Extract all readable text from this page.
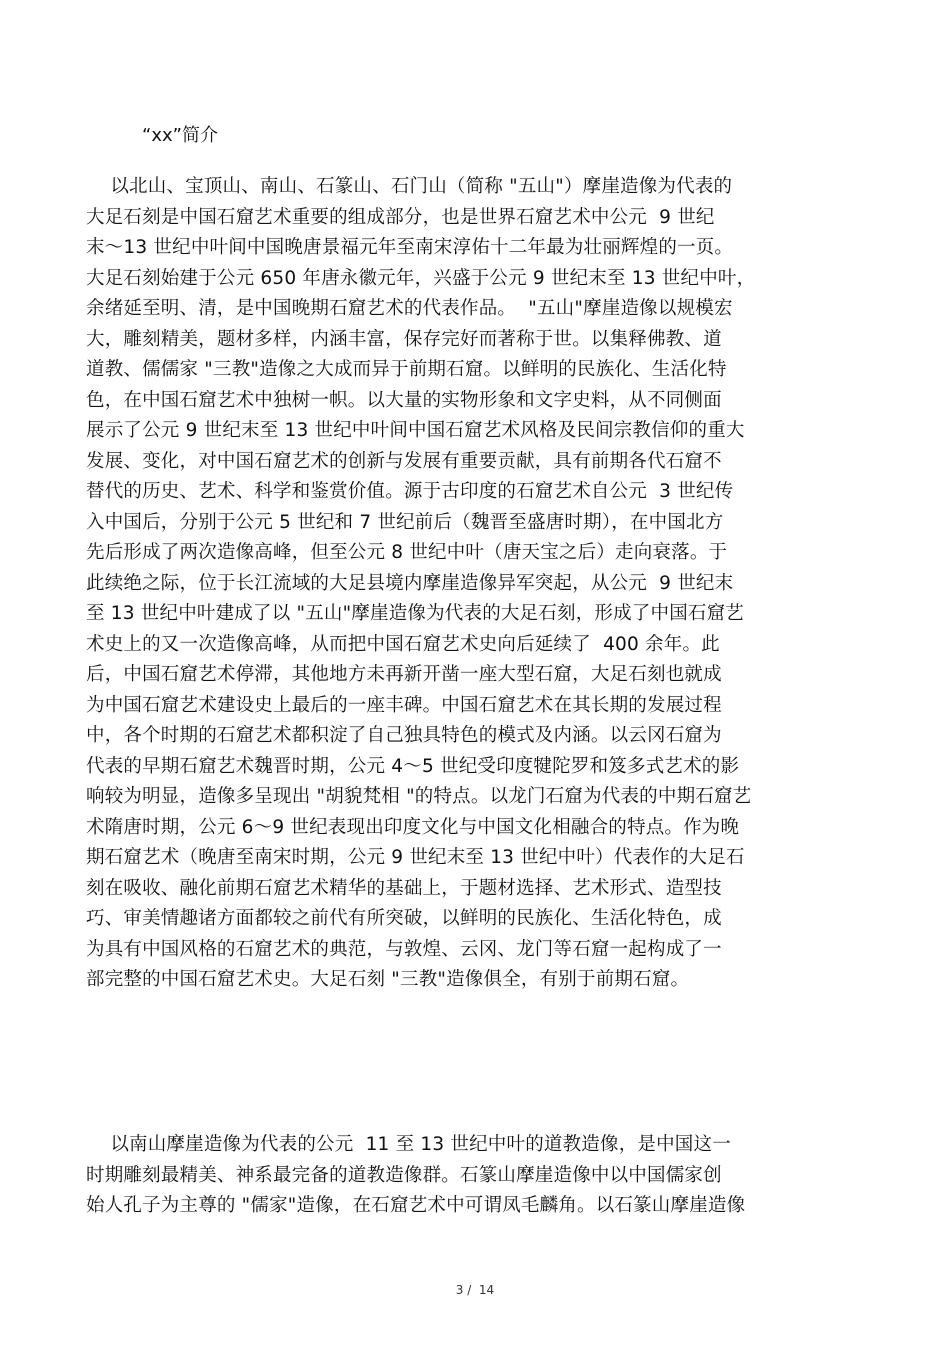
“xx”简介
以北山、宝顶山、南山、石篆山、石门山（简称 "五山"）摩崖造像为代表的
大足石刻是中国石窟艺术重要的组成部分，也是世界石窟艺术中公元  9 世纪
末～13 世纪中叶间中国晚唐景福元年至南宋淳佑十二年最为壮丽辉煌的一页。
大足石刻始建于公元 650 年唐永徽元年，兴盛于公元 9 世纪末至 13 世纪中叶，
余绪延至明、清，是中国晚期石窟艺术的代表作品。  "五山"摩崖造像以规模宏
大，雕刻精美，题材多样，内涵丰富，保存完好而著称于世。以集释佛教、道
道教、儒儒家 "三教"造像之大成而异于前期石窟。以鲜明的民族化、生活化特
色，在中国石窟艺术中独树一帜。以大量的实物形象和文字史料，从不同侧面
展示了公元 9 世纪末至 13 世纪中叶间中国石窟艺术风格及民间宗教信仰的重大
发展、变化，对中国石窟艺术的创新与发展有重要贡献，具有前期各代石窟不
替代的历史、艺术、科学和鉴赏价值。源于古印度的石窟艺术自公元  3 世纪传
入中国后，分别于公元 5 世纪和 7 世纪前后（魏晋至盛唐时期），在中国北方
先后形成了两次造像高峰，但至公元 8 世纪中叶（唐天宝之后）走向衰落。于
此续绝之际，位于长江流域的大足县境内摩崖造像异军突起，从公元  9 世纪末
至 13 世纪中叶建成了以 "五山"摩崖造像为代表的大足石刻，形成了中国石窟艺
术史上的又一次造像高峰，从而把中国石窟艺术史向后延续了  400 余年。此
后，中国石窟艺术停滞，其他地方未再新开凿一座大型石窟，大足石刻也就成
为中国石窟艺术建设史上最后的一座丰碑。中国石窟艺术在其长期的发展过程
中，各个时期的石窟艺术都积淀了自己独具特色的模式及内涵。以云冈石窟为
代表的早期石窟艺术魏晋时期，公元 4～5 世纪受印度犍陀罗和笈多式艺术的影
响较为明显，造像多呈现出 "胡貌梵相 "的特点。以龙门石窟为代表的中期石窟艺
术隋唐时期，公元 6～9 世纪表现出印度文化与中国文化相融合的特点。作为晚
期石窟艺术（晚唐至南宋时期，公元 9 世纪末至 13 世纪中叶）代表作的大足石
刻在吸收、融化前期石窟艺术精华的基础上，于题材选择、艺术形式、造型技
巧、审美情趣诸方面都较之前代有所突破，以鲜明的民族化、生活化特色，成
为具有中国风格的石窟艺术的典范，与敦煌、云冈、龙门等石窟一起构成了一
部完整的中国石窟艺术史。大足石刻 "三教"造像俱全，有别于前期石窟。
以南山摩崖造像为代表的公元  11 至 13 世纪中叶的道教造像，是中国这一
时期雕刻最精美、神系最完备的道教造像群。石篆山摩崖造像中以中国儒家创
始人孔子为主尊的 "儒家"造像，在石窟艺术中可谓凤毛麟角。以石篆山摩崖造像
3 /  14
